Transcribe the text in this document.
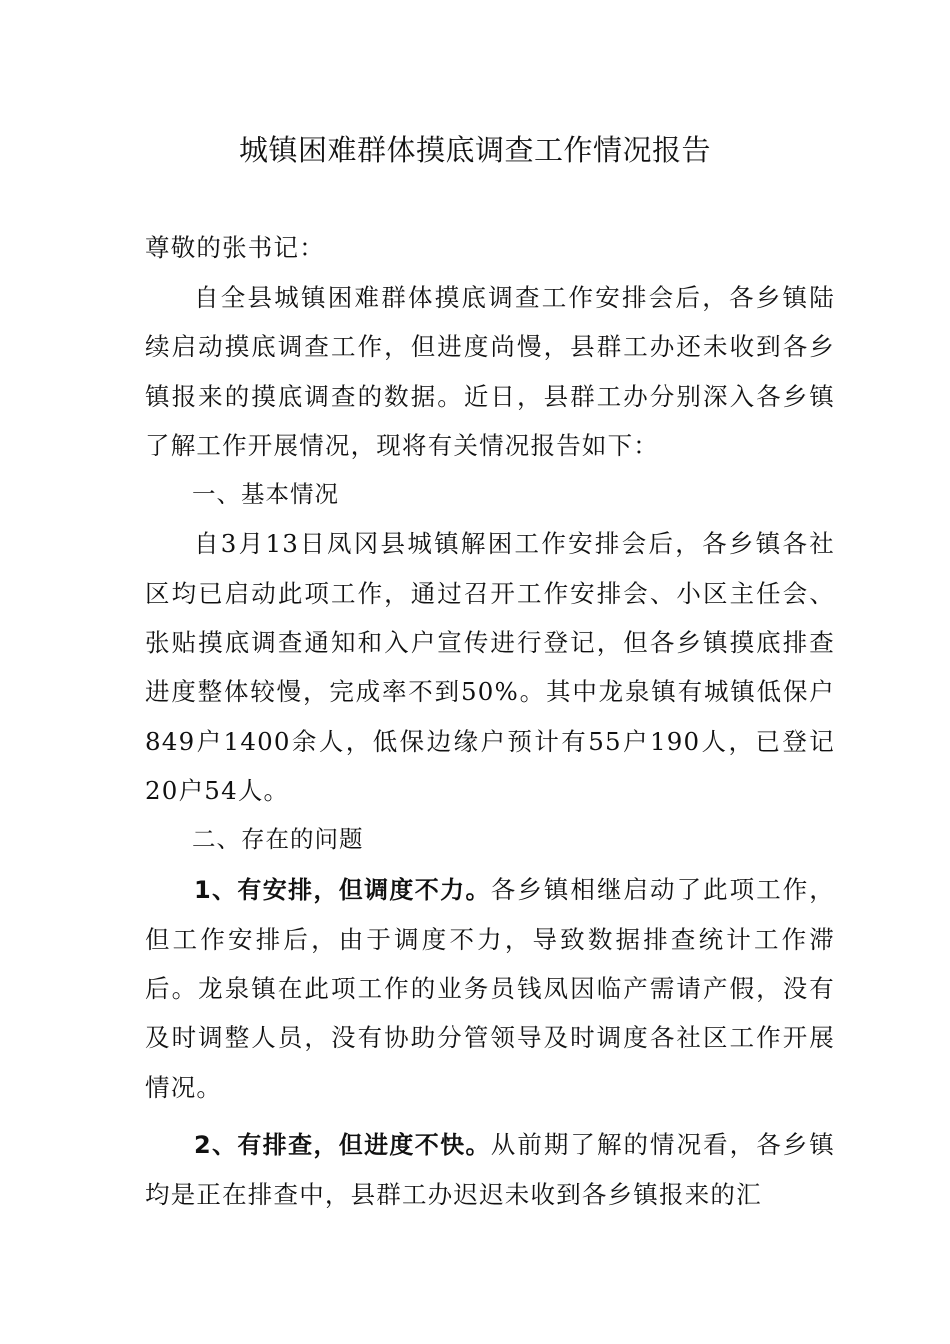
城镇困难群体摸底调查工作情况报告
尊敬的张书记：

自全县城镇困难群体摸底调查工作安排会后，各乡镇陆续启动摸底调查工作，但进度尚慢，县群工办还未收到各乡镇报来的摸底调查的数据。近日，县群工办分别深入各乡镇了解工作开展情况，现将有关情况报告如下：

一、基本情况

自3月13日凤冈县城镇解困工作安排会后，各乡镇各社区均已启动此项工作，通过召开工作安排会、小区主任会、张贴摸底调查通知和入户宣传进行登记，但各乡镇摸底排查进度整体较慢，完成率不到50%。其中龙泉镇有城镇低保户849户1400余人，低保边缘户预计有55户190人，已登记20户54人。

二、存在的问题

1、有安排，但调度不力。各乡镇相继启动了此项工作，但工作安排后，由于调度不力，导致数据排查统计工作滞后。龙泉镇在此项工作的业务员钱凤因临产需请产假，没有及时调整人员，没有协助分管领导及时调度各社区工作开展情况。

2、有排查，但进度不快。从前期了解的情况看，各乡镇均是正在排查中，县群工办迟迟未收到各乡镇报来的汇
